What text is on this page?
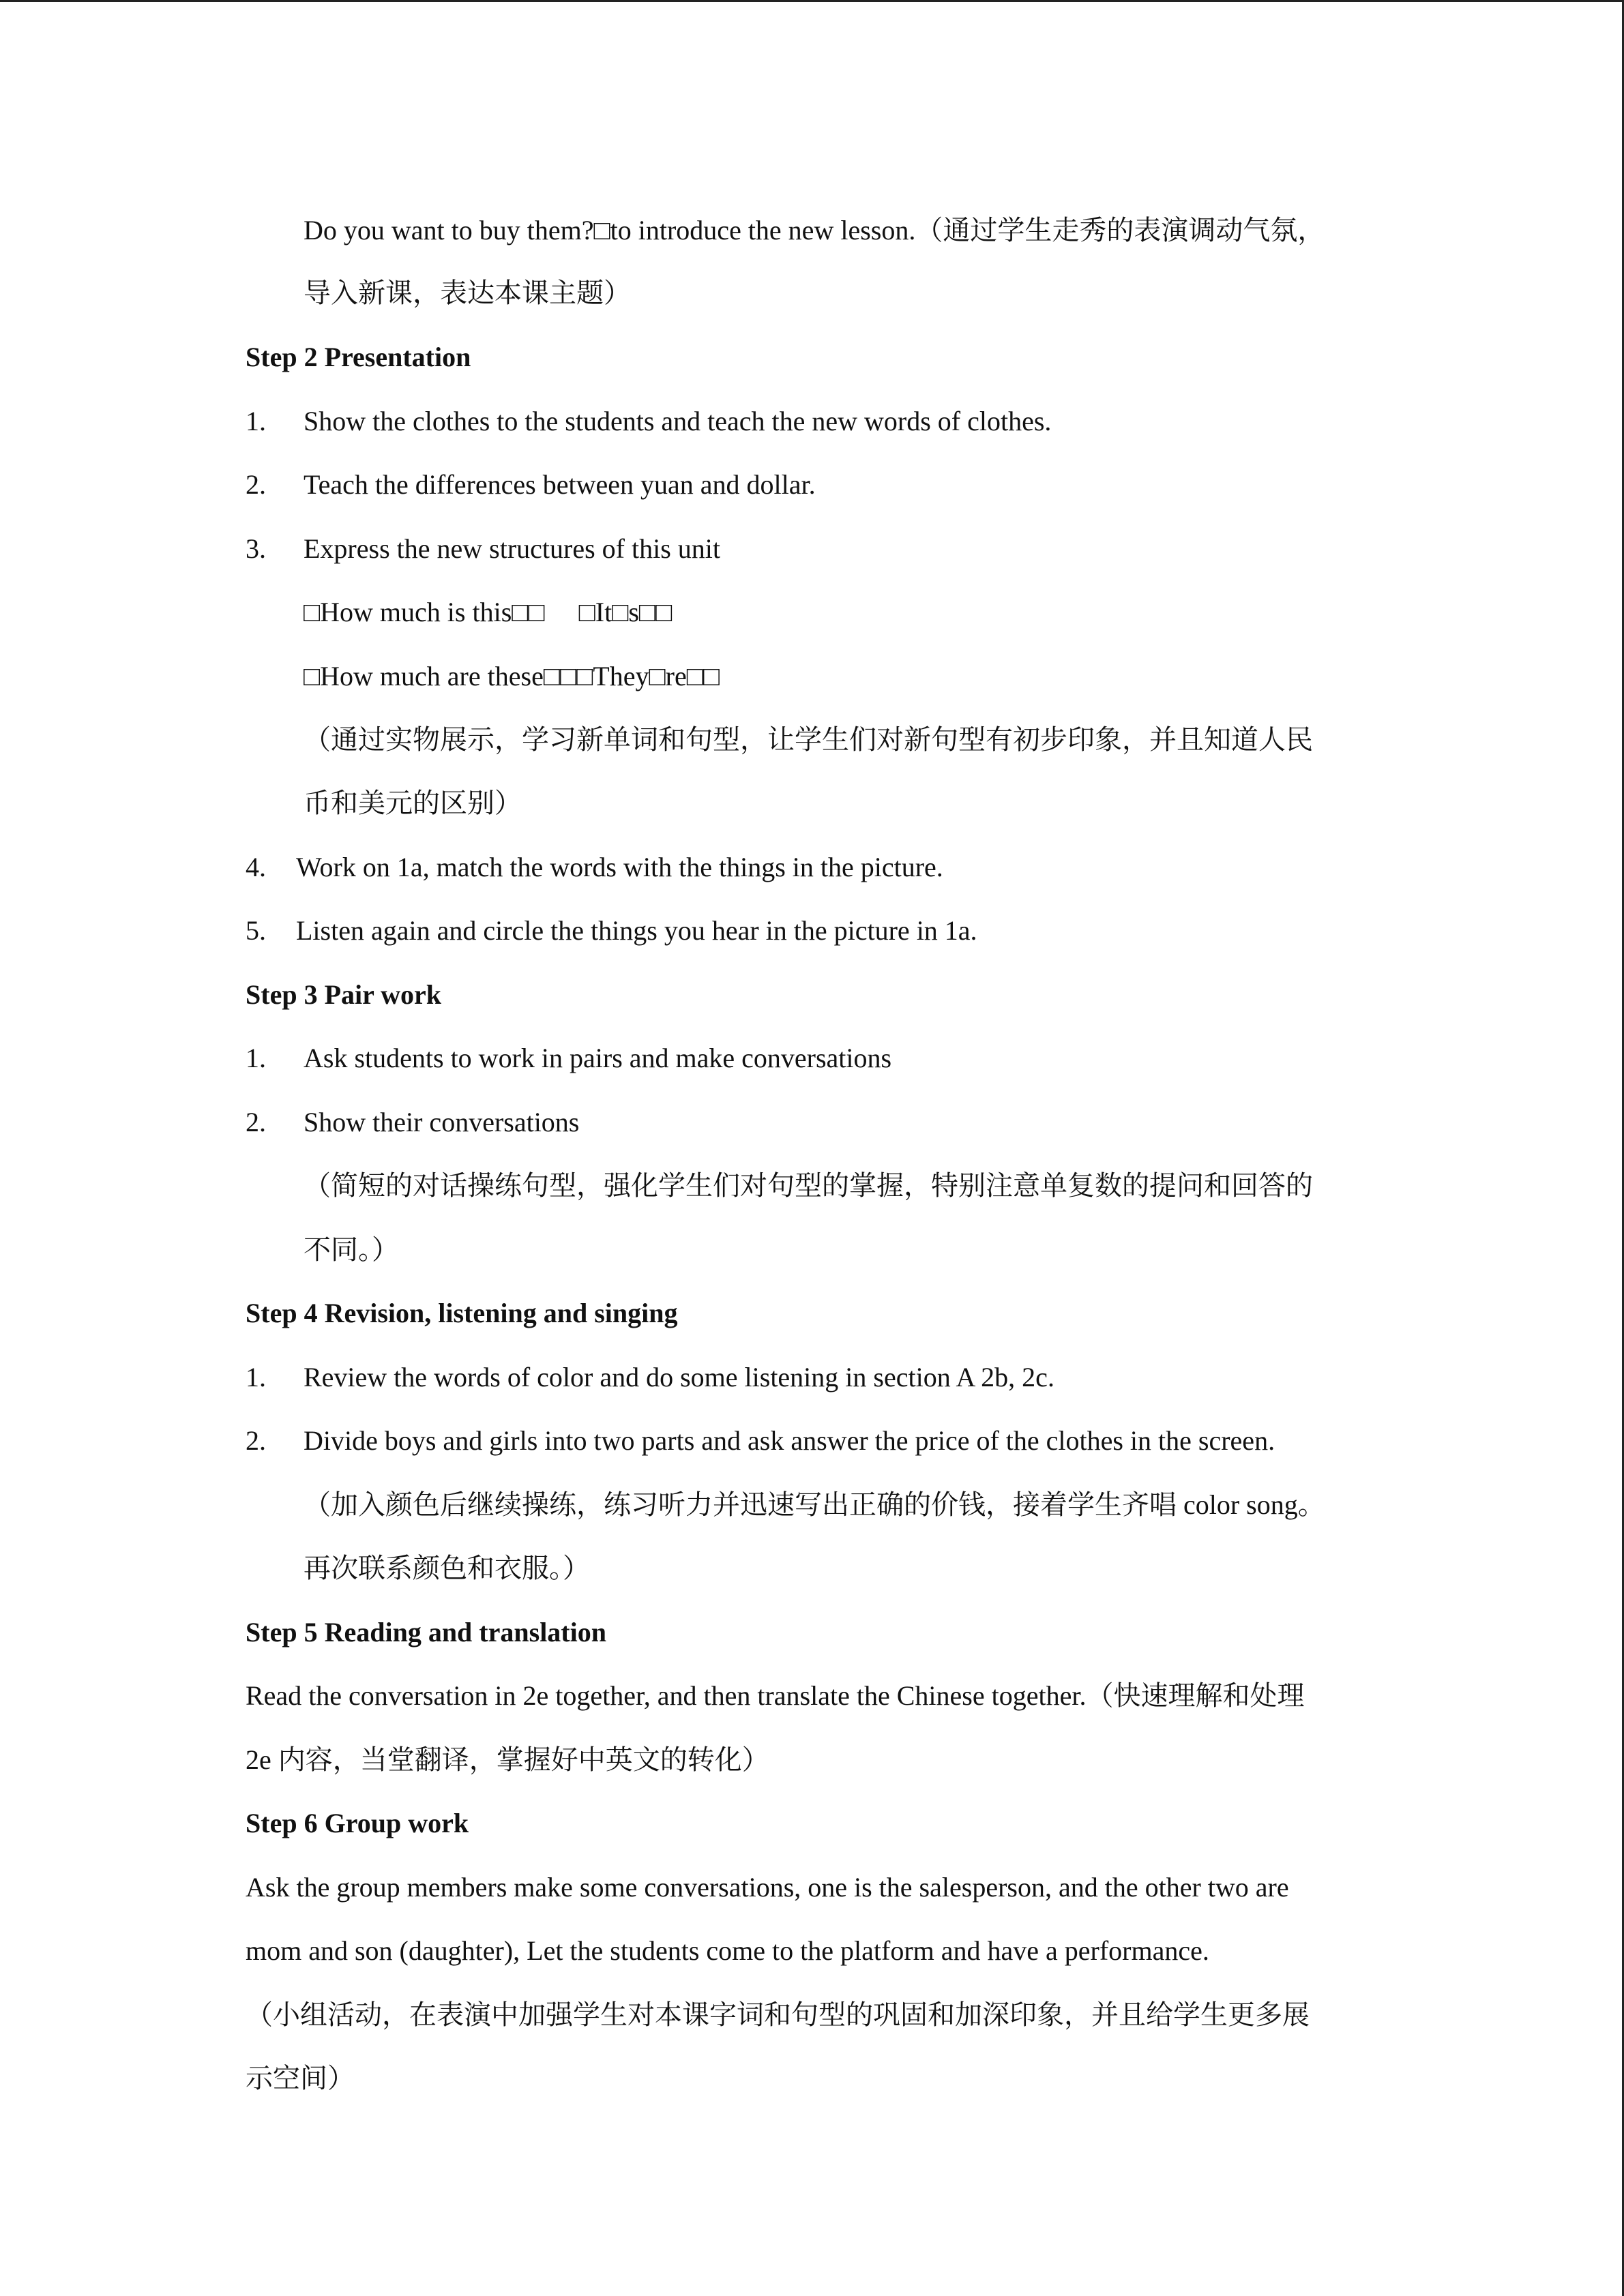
Do you want to buy them?□to introduce the new lesson.（通过学生走秀的表演调动气氛，
导入新课，表达本课主题）
Step 2 Presentation
1. Show the clothes to the students and teach the new words of clothes.
2. Teach the differences between yuan and dollar.
3. Express the new structures of this unit
□How much is this□□     □It□s□□
□How much are these□□□They□re□□
（通过实物展示，学习新单词和句型，让学生们对新句型有初步印象，并且知道人民
币和美元的区别）
4. Work on 1a, match the words with the things in the picture.
5. Listen again and circle the things you hear in the picture in 1a.
Step 3 Pair work
1. Ask students to work in pairs and make conversations
2. Show their conversations
（简短的对话操练句型，强化学生们对句型的掌握，特别注意单复数的提问和回答的
不同。）
Step 4 Revision, listening and singing
1. Review the words of color and do some listening in section A 2b, 2c.
2. Divide boys and girls into two parts and ask answer the price of the clothes in the screen.
（加入颜色后继续操练，练习听力并迅速写出正确的价钱，接着学生齐唱 color song。
再次联系颜色和衣服。）
Step 5 Reading and translation
Read the conversation in 2e together, and then translate the Chinese together.（快速理解和处理
2e 内容，当堂翻译，掌握好中英文的转化）
Step 6 Group work
Ask the group members make some conversations, one is the salesperson, and the other two are
mom and son (daughter), Let the students come to the platform and have a performance.
（小组活动，在表演中加强学生对本课字词和句型的巩固和加深印象，并且给学生更多展
示空间）
